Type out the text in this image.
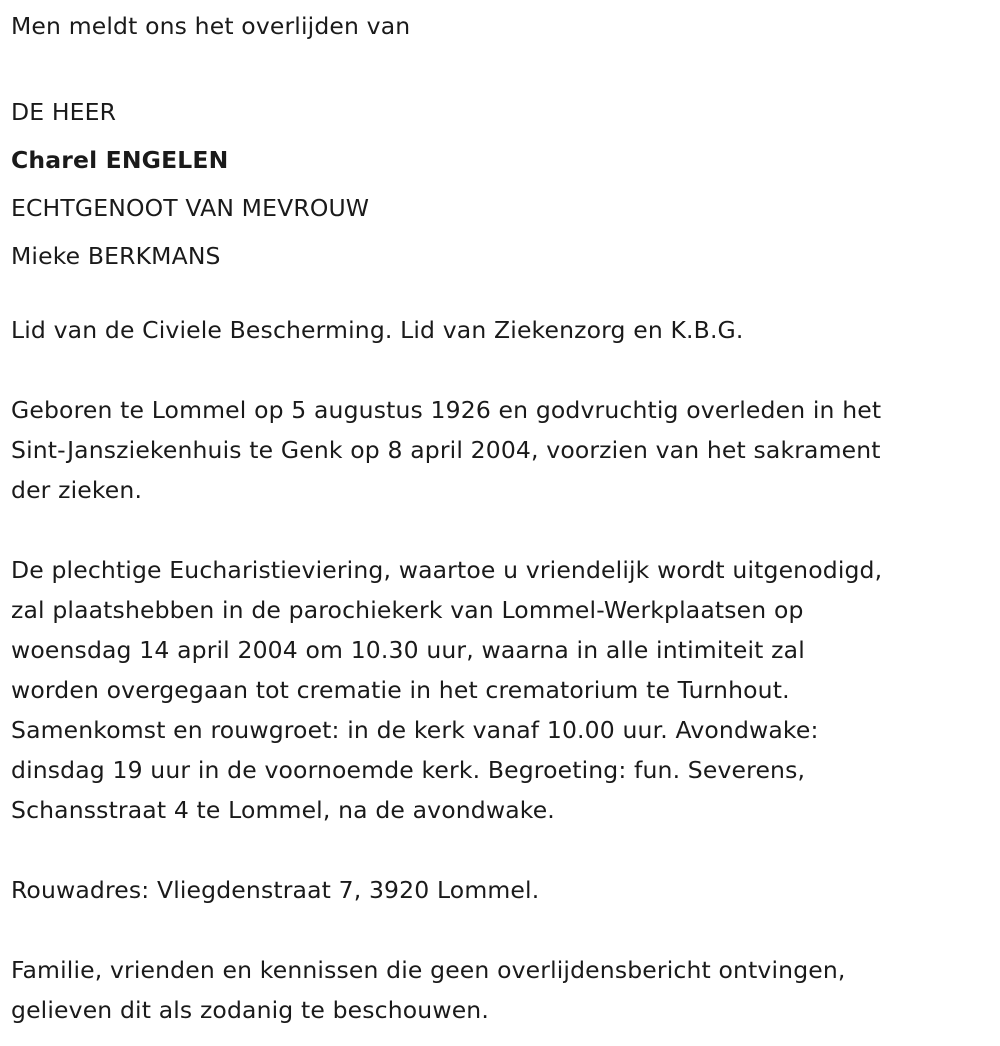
Men meldt ons het overlijden van

DE HEER

Charel ENGELEN

ECHTGENOOT VAN MEVROUW

Mieke BERKMANS

Lid van de Civiele Bescherming. Lid van Ziekenzorg en K.B.G.

Geboren te Lommel op 5 augustus 1926 en godvruchtig overleden in het

Sint-Jansziekenhuis te Genk op 8 april 2004, voorzien van het sakrament

der zieken.

De plechtige Eucharistieviering, waartoe u vriendelijk wordt uitgenodigd,

zal plaatshebben in de parochiekerk van Lommel-Werkplaatsen op

woensdag 14 april 2004 om 10.30 uur, waarna in alle intimiteit zal

worden overgegaan tot crematie in het crematorium te Turnhout.

Samenkomst en rouwgroet: in de kerk vanaf 10.00 uur. Avondwake:

dinsdag 19 uur in de voornoemde kerk. Begroeting: fun. Severens,

Schansstraat 4 te Lommel, na de avondwake.

Rouwadres: Vliegdenstraat 7, 3920 Lommel.

Familie, vrienden en kennissen die geen overlijdensbericht ontvingen,

gelieven dit als zodanig te beschouwen.
